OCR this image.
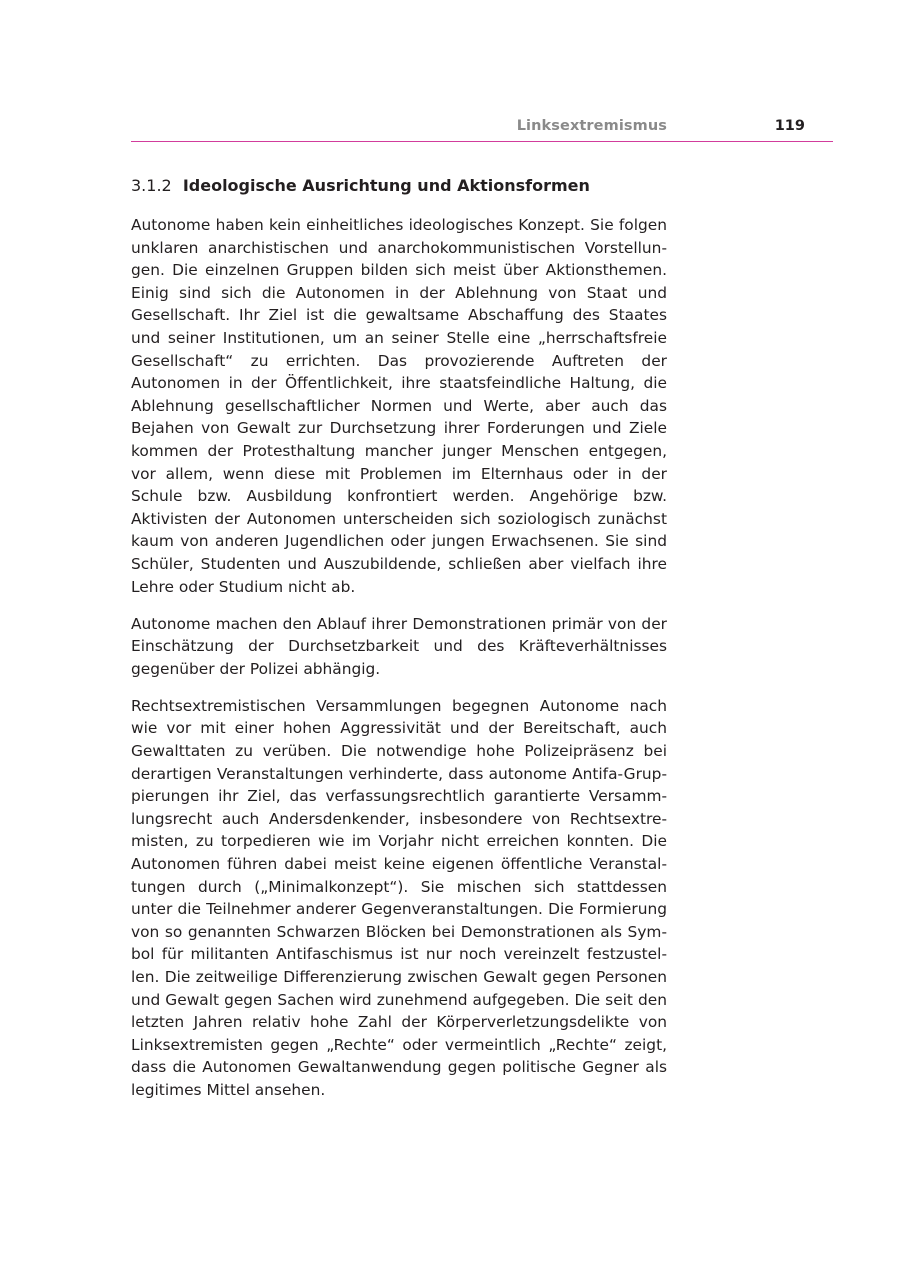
Linksextremismus	119
3.1.2 Ideologische Ausrichtung und Aktionsformen

Autonome haben kein einheitliches ideologisches Konzept. Sie folgen unklaren anarchistischen und anarchokommunistischen Vorstellungen. Die einzelnen Gruppen bilden sich meist über Aktionsthemen. Einig sind sich die Autonomen in der Ablehnung von Staat und Gesellschaft. Ihr Ziel ist die gewaltsame Abschaffung des Staates und seiner Institutionen, um an seiner Stelle eine „herrschaftsfreie Gesellschaft“ zu errichten. Das provozierende Auftreten der Autonomen in der Öffentlichkeit, ihre staatsfeindliche Haltung, die Ablehnung gesellschaftlicher Normen und Werte, aber auch das Bejahen von Gewalt zur Durchsetzung ihrer Forderungen und Ziele kommen der Protesthaltung mancher junger Menschen entgegen, vor allem, wenn diese mit Problemen im Elternhaus oder in der Schule bzw. Ausbildung konfrontiert werden. Angehörige bzw. Aktivisten der Autonomen unterscheiden sich soziologisch zunächst kaum von anderen Jugendlichen oder jungen Erwachsenen. Sie sind Schüler, Studenten und Auszubildende, schließen aber vielfach ihre Lehre oder Studium nicht ab.

Autonome machen den Ablauf ihrer Demonstrationen primär von der Einschätzung der Durchsetzbarkeit und des Kräfteverhältnisses gegenüber der Polizei abhängig.

Rechtsextremistischen Versammlungen begegnen Autonome nach wie vor mit einer hohen Aggressivität und der Bereitschaft, auch Gewalttaten zu verüben. Die notwendige hohe Polizeipräsenz bei derartigen Veranstaltungen verhinderte, dass autonome Antifa-Gruppierungen ihr Ziel, das verfassungsrechtlich garantierte Versammlungsrecht auch Andersdenkender, insbesondere von Rechtsextremisten, zu torpedieren wie im Vorjahr nicht erreichen konnten. Die Autonomen führen dabei meist keine eigenen öffentliche Veranstaltungen durch („Minimalkonzept“). Sie mischen sich stattdessen unter die Teilnehmer anderer Gegenveranstaltungen. Die Formierung von so genannten Schwarzen Blöcken bei Demonstrationen als Symbol für militanten Antifaschismus ist nur noch vereinzelt festzustellen. Die zeitweilige Differenzierung zwischen Gewalt gegen Personen und Gewalt gegen Sachen wird zunehmend aufgegeben. Die seit den letzten Jahren relativ hohe Zahl der Körperverletzungsdelikte von Linksextremisten gegen „Rechte“ oder vermeintlich „Rechte“ zeigt, dass die Autonomen Gewaltanwendung gegen politische Gegner als legitimes Mittel ansehen.
